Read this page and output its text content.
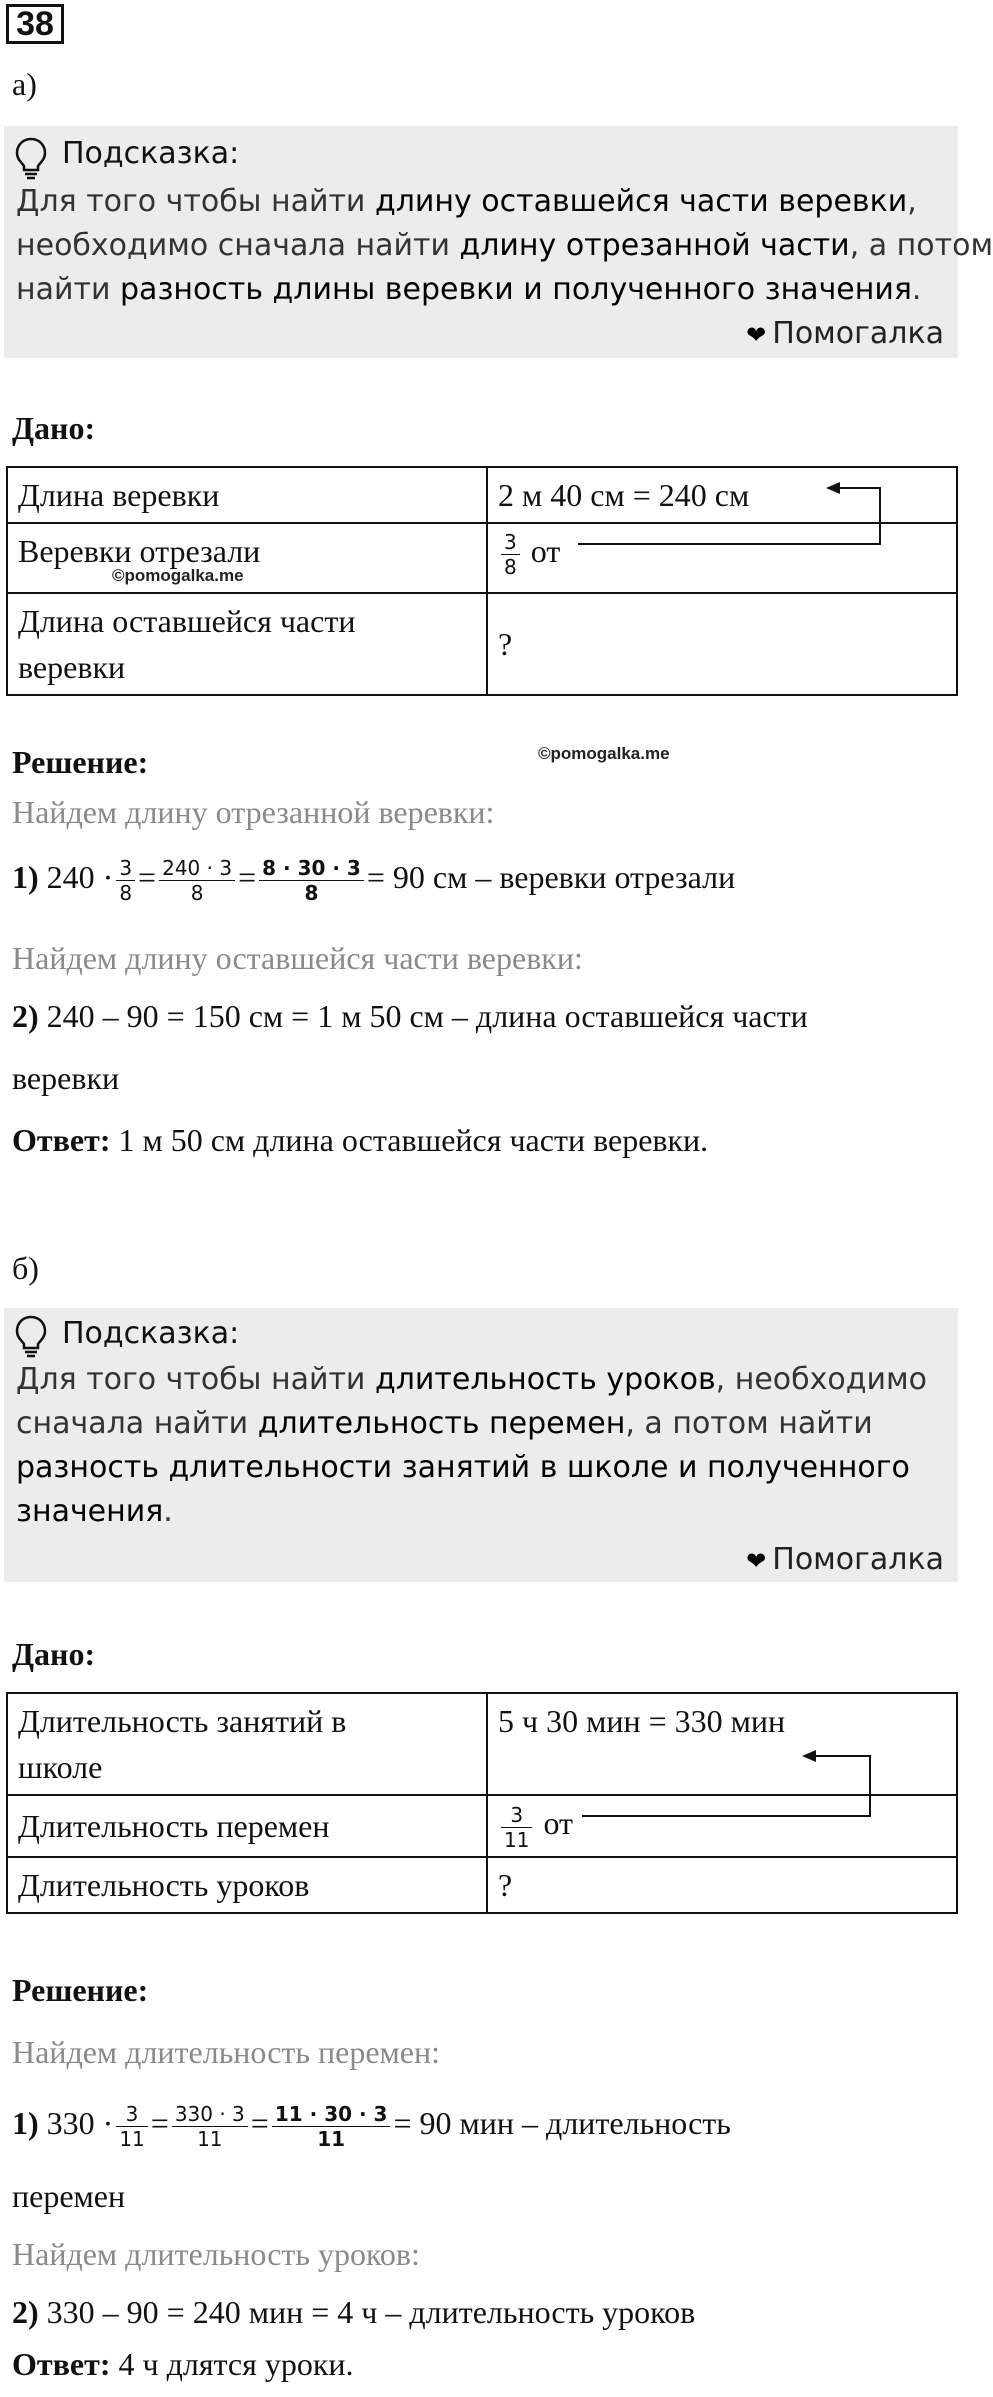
38
а)
Подсказка:
Для того чтобы найти длину оставшейся части веревки,
необходимо сначала найти длину отрезанной части, а потом
найти разность длины веревки и полученного значения.
❤ Помогалка
Дано:
Длина веревки	2 м 40 см = 240 см
Веревки отрезали	$\frac{3}{8}$ от
Длина оставшейся части
веревки	?
©pomogalka.me
Решение:	©pomogalka.me
Найдем длину отрезанной веревки:
1) $240 \cdot \frac{3}{8} = \frac{240 \cdot 3}{8} = \frac{8 \cdot 30 \cdot 3}{8} = 90$ см – веревки отрезали
Найдем длину оставшейся части веревки:
2) 240 – 90 = 150 см = 1 м 50 см – длина оставшейся части
веревки
Ответ: 1 м 50 см длина оставшейся части веревки.
б)
Подсказка:
Для того чтобы найти длительность уроков, необходимо
сначала найти длительность перемен, а потом найти
разность длительности занятий в школе и полученного
значения.
❤ Помогалка
Дано:
Длительность занятий в
школе	5 ч 30 мин = 330 мин
Длительность перемен	$\frac{3}{11}$ от
Длительность уроков	?
Решение:
Найдем длительность перемен:
1) $330 \cdot \frac{3}{11} = \frac{330 \cdot 3}{11} = \frac{11 \cdot 30 \cdot 3}{11} = 90$ мин – длительность
перемен
Найдем длительность уроков:
2) 330 – 90 = 240 мин = 4 ч – длительность уроков
Ответ: 4 ч длятся уроки.
